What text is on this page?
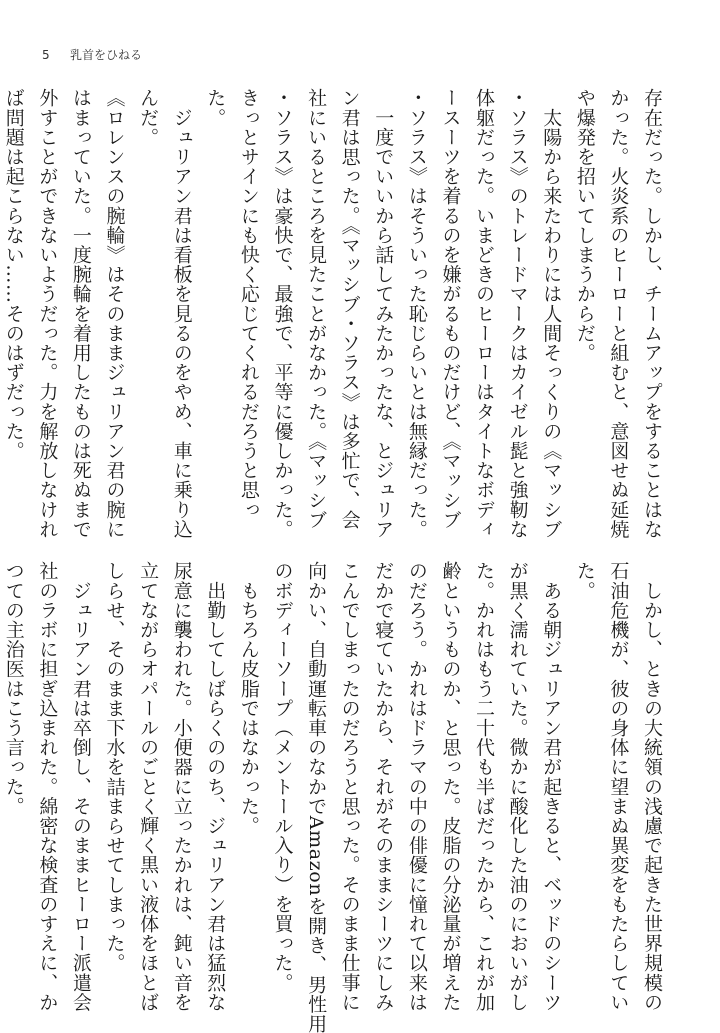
5	乳首をひねる

存在だった。しかし、チームアップをすることはな

かった。火炎系のヒーローと組むと、意図せぬ延焼

や爆発を招いてしまうからだ。

　太陽から来たわりには人間そっくりの《マッシブ

・ソラス》のトレードマークはカイゼル髭と強靭な

体躯だった。いまどきのヒーローはタイトなボディ

ースーツを着るのを嫌がるものだけど、《マッシブ

・ソラス》はそういった恥じらいとは無縁だった。

　一度でいいから話してみたかったな、とジュリア

ン君は思った。《マッシブ・ソラス》は多忙で、会

社にいるところを見たことがなかった。《マッシブ

・ソラス》は豪快で、最強で、平等に優しかった。

きっとサインにも快く応じてくれるだろうと思っ

た。

　ジュリアン君は看板を見るのをやめ、車に乗り込

んだ。

《ロレンスの腕輪》はそのままジュリアン君の腕に

はまっていた。一度腕輪を着用したものは死ぬまで

外すことができないようだった。力を解放しなけれ

ば問題は起こらない……そのはずだった。

　しかし、ときの大統領の浅慮で起きた世界規模の

石油危機が、彼の身体に望まぬ異変をもたらしてい

た。

　ある朝ジュリアン君が起きると、ベッドのシーツ

が黒く濡れていた。微かに酸化した油のにおいがし

た。かれはもう二十代も半ばだったから、これが加

齢というものか、と思った。皮脂の分泌量が増えた

のだろう。かれはドラマの中の俳優に憧れて以来は

だかで寝ていたから、それがそのままシーツにしみ

こんでしまったのだろうと思った。そのまま仕事に

向かい、自動運転車のなかでAmazonを開き、男性用

のボディーソープ（メントール入り）を買った。

　もちろん皮脂ではなかった。

　出勤してしばらくののち、ジュリアン君は猛烈な

尿意に襲われた。小便器に立ったかれは、鈍い音を

立てながらオパールのごとく輝く黒い液体をほとば

しらせ、そのまま下水を詰まらせてしまった。

　ジュリアン君は卒倒し、そのままヒーロー派遣会

社のラボに担ぎ込まれた。綿密な検査のすえに、か

つての主治医はこう言った。
